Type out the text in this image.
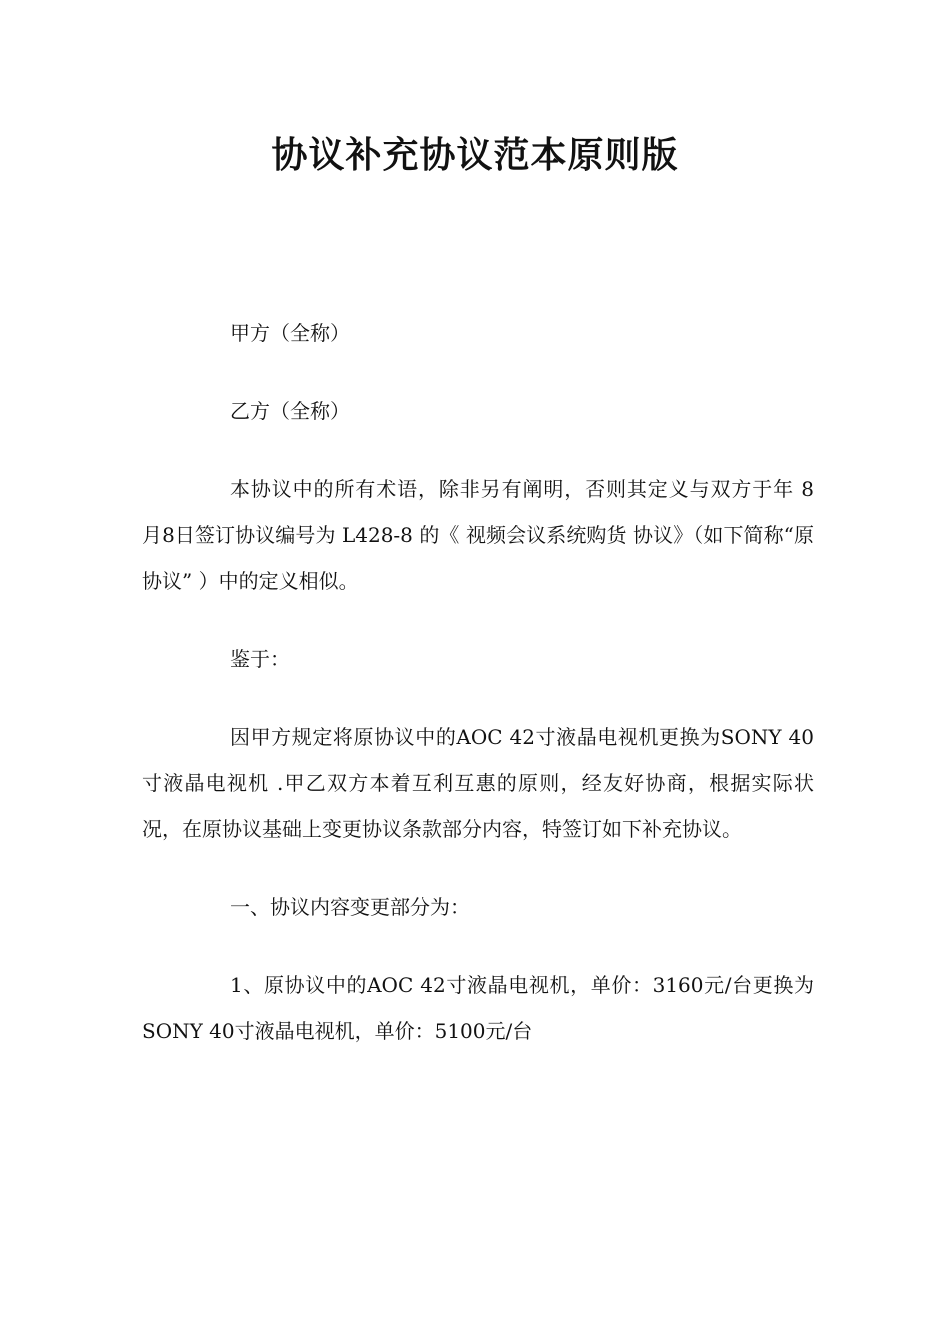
协议补充协议范本原则版

甲方（全称）

乙方（全称）

本协议中的所有术语，除非另有阐明，否则其定义与双方于年 8 月8日签订协议编号为 L428-8 的《 视频会议系统购货 协议》（如下简称“原协议” ）中的定义相似。

鉴于：

因甲方规定将原协议中的AOC 42寸液晶电视机更换为SONY 40寸液晶电视机 .甲乙双方本着互利互惠的原则，经友好协商，根据实际状况，在原协议基础上变更协议条款部分内容，特签订如下补充协议。

一、协议内容变更部分为：

1、原协议中的AOC 42寸液晶电视机，单价：3160元/台更换为SONY 40寸液晶电视机，单价：5100元/台
